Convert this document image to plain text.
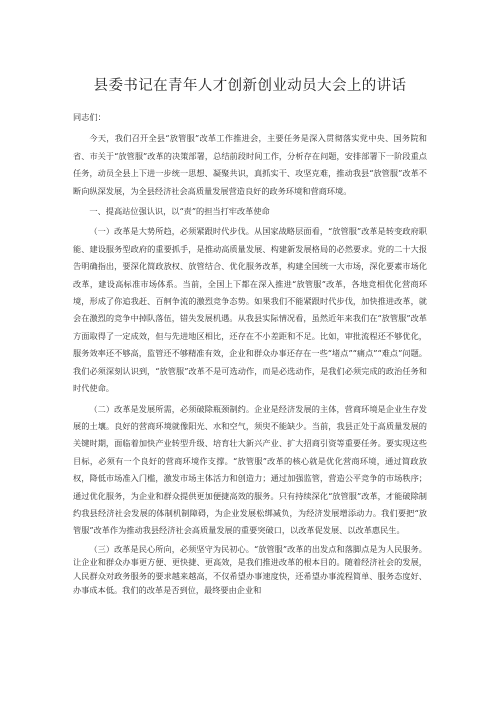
县委书记在青年人才创新创业动员大会上的讲话

同志们：

今天，我们召开全县“放管服”改革工作推进会，主要任务是深入贯彻落实党中央、国务院和省、市关于“放管服”改革的决策部署，总结前段时间工作，分析存在问题，安排部署下一阶段重点任务，动员全县上下进一步统一思想、凝聚共识，真抓实干、攻坚克难，推动我县“放管服”改革不断向纵深发展，为全县经济社会高质量发展营造良好的政务环境和营商环境。

一、提高站位强认识，以“责”的担当打牢改革使命

（一）改革是大势所趋，必须紧跟时代步伐。从国家战略层面看，“放管服”改革是转变政府职能、建设服务型政府的重要抓手，是推动高质量发展、构建新发展格局的必然要求。党的二十大报告明确指出，要深化简政放权、放管结合、优化服务改革，构建全国统一大市场，深化要素市场化改革，建设高标准市场体系。当前，全国上下都在深入推进“放管服”改革，各地竞相优化营商环境，形成了你追我赶、百舸争流的激烈竞争态势。如果我们不能紧跟时代步伐，加快推进改革，就会在激烈的竞争中掉队落伍，错失发展机遇。从我县实际情况看，虽然近年来我们在“放管服”改革方面取得了一定成效，但与先进地区相比，还存在不小差距和不足。比如，审批流程还不够优化，服务效率还不够高，监管还不够精准有效，企业和群众办事还存在一些“堵点”“痛点”“难点”问题。我们必须深刻认识到，“放管服”改革不是可选动作，而是必选动作，是我们必须完成的政治任务和时代使命。

（二）改革是发展所需，必须破除瓶颈制约。企业是经济发展的主体，营商环境是企业生存发展的土壤。良好的营商环境就像阳光、水和空气，须臾不能缺少。当前，我县正处于高质量发展的关键时期，面临着加快产业转型升级、培育壮大新兴产业、扩大招商引资等重要任务。要实现这些目标，必须有一个良好的营商环境作支撑。“放管服”改革的核心就是优化营商环境，通过简政放权，降低市场准入门槛，激发市场主体活力和创造力；通过加强监管，营造公平竞争的市场秩序；通过优化服务，为企业和群众提供更加便捷高效的服务。只有持续深化“放管服”改革，才能破除制约我县经济社会发展的体制机制障碍，为企业发展松绑减负，为经济发展增添动力。我们要把“放管服”改革作为推动我县经济社会高质量发展的重要突破口，以改革促发展、以改革惠民生。

（三）改革是民心所向，必须坚守为民初心。“放管服”改革的出发点和落脚点是为人民服务。让企业和群众办事更方便、更快捷、更高效，是我们推进改革的根本目的。随着经济社会的发展，人民群众对政务服务的要求越来越高，不仅希望办事速度快，还希望办事流程简单、服务态度好、办事成本低。我们的改革是否到位，最终要由企业和
